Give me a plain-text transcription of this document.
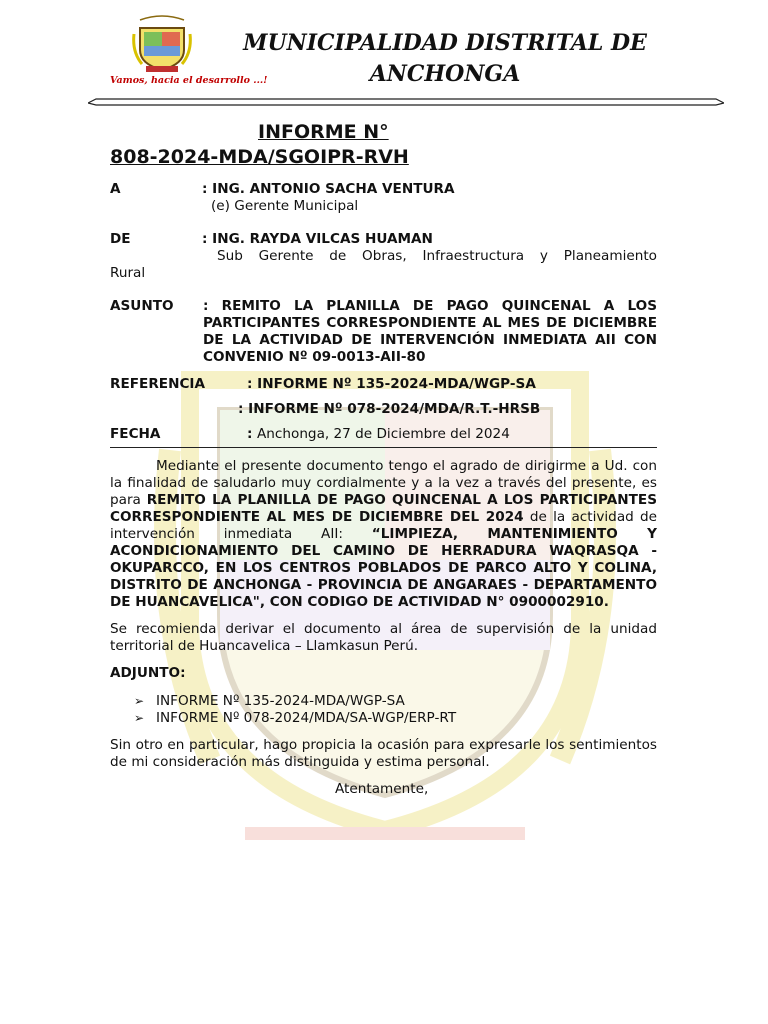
Vamos, hacia el desarrollo ...!
MUNICIPALIDAD DISTRITAL DE
ANCHONGA
INFORME N°
808-2024-MDA/SGOIPR-RVH
A	: ING. ANTONIO SACHA VENTURA
(e) Gerente Municipal
DE	: ING. RAYDA VILCAS HUAMAN
Sub Gerente de Obras, Infraestructura y Planeamiento
Rural
ASUNTO	: REMITO LA PLANILLA DE PAGO QUINCENAL A LOS PARTICIPANTES CORRESPONDIENTE AL MES DE DICIEMBRE DE LA ACTIVIDAD DE INTERVENCIÓN INMEDIATA AII CON CONVENIO Nº 09-0013-AII-80
REFERENCIA	: INFORME Nº 135-2024-MDA/WGP-SA
: INFORME Nº 078-2024/MDA/R.T.-HRSB
FECHA	: Anchonga, 27 de Diciembre del 2024

Mediante el presente documento tengo el agrado de dirigirme a Ud. con la finalidad de saludarlo muy cordialmente y a la vez a través del presente, es para REMITO LA PLANILLA DE PAGO QUINCENAL A LOS PARTICIPANTES CORRESPONDIENTE AL MES DE DICIEMBRE DEL 2024 de la actividad de intervención inmediata AII: “LIMPIEZA, MANTENIMIENTO Y ACONDICIONAMIENTO DEL CAMINO DE HERRADURA WAQRASQA - OKUPARCCO, EN LOS CENTROS POBLADOS DE PARCO ALTO Y COLINA, DISTRITO DE ANCHONGA - PROVINCIA DE ANGARAES - DEPARTAMENTO DE HUANCAVELICA", CON CODIGO DE ACTIVIDAD N° 0900002910.

Se recomienda derivar el documento al área de supervisión de la unidad territorial de Huancavelica – Llamkasun Perú.

ADJUNTO:
➢ INFORME Nº 135-2024-MDA/WGP-SA
➢ INFORME Nº 078-2024/MDA/SA-WGP/ERP-RT

Sin otro en particular, hago propicia la ocasión para expresarle los sentimientos de mi consideración más distinguida y estima personal.

Atentamente,
